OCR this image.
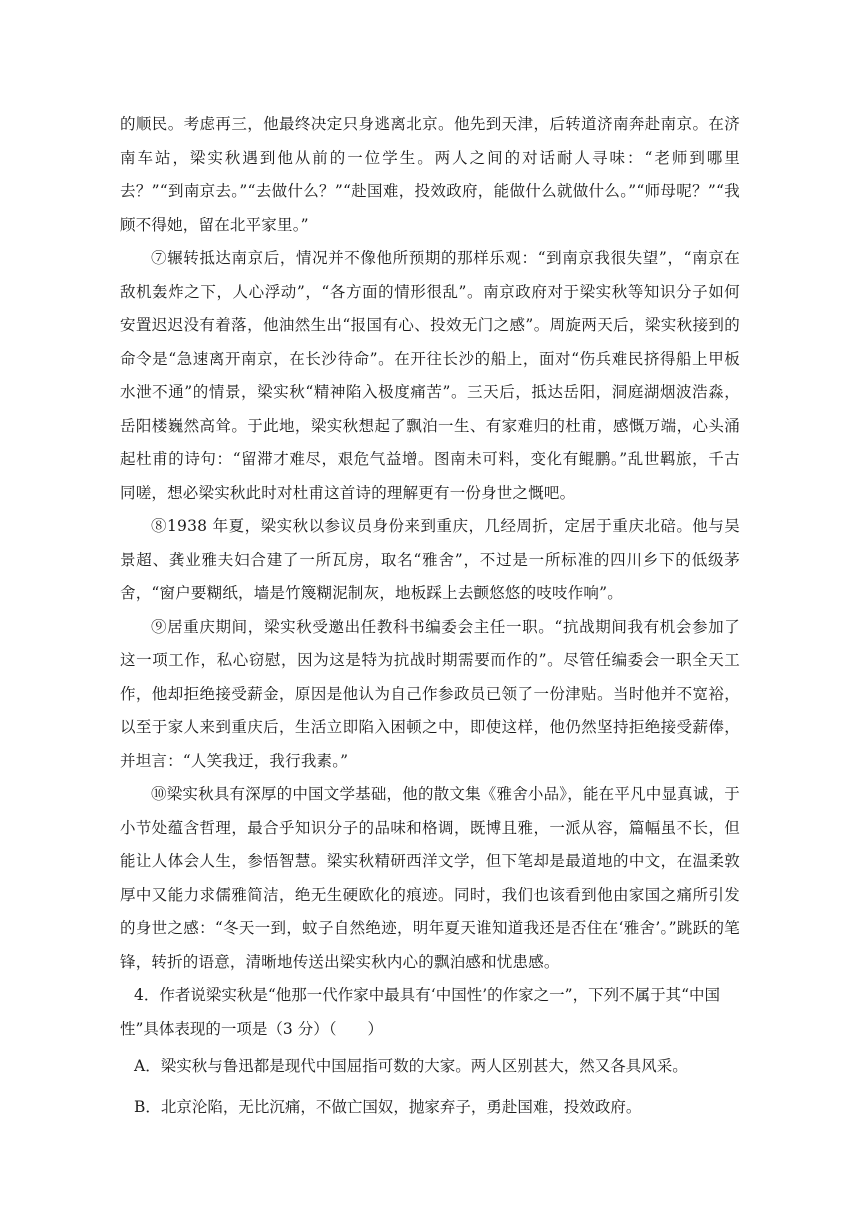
的顺民。考虑再三，他最终决定只身逃离北京。他先到天津，后转道济南奔赴南京。在济南车站，梁实秋遇到他从前的一位学生。两人之间的对话耐人寻味：“老师到哪里去？”“到南京去。”“去做什么？”“赴国难，投效政府，能做什么就做什么。”“师母呢？”“我顾不得她，留在北平家里。”

⑦辗转抵达南京后，情况并不像他所预期的那样乐观：“到南京我很失望”，“南京在敌机轰炸之下，人心浮动”，“各方面的情形很乱”。南京政府对于梁实秋等知识分子如何安置迟迟没有着落，他油然生出“报国有心、投效无门之感”。周旋两天后，梁实秋接到的命令是“急速离开南京，在长沙待命”。在开往长沙的船上，面对“伤兵难民挤得船上甲板水泄不通”的情景，梁实秋“精神陷入极度痛苦”。三天后，抵达岳阳，洞庭湖烟波浩淼，岳阳楼巍然高耸。于此地，梁实秋想起了飘泊一生、有家难归的杜甫，感慨万端，心头涌起杜甫的诗句：“留滞才难尽，艰危气益增。图南未可料，变化有鲲鹏。”乱世羁旅，千古同嗟，想必梁实秋此时对杜甫这首诗的理解更有一份身世之慨吧。

⑧1938 年夏，梁实秋以参议员身份来到重庆，几经周折，定居于重庆北碚。他与吴景超、龚业雅夫妇合建了一所瓦房，取名“雅舍”，不过是一所标准的四川乡下的低级茅舍，“窗户要糊纸，墙是竹篾糊泥制灰，地板踩上去颤悠悠的吱吱作响”。

⑨居重庆期间，梁实秋受邀出任教科书编委会主任一职。“抗战期间我有机会参加了这一项工作，私心窃慰，因为这是特为抗战时期需要而作的”。尽管任编委会一职全天工作，他却拒绝接受薪金，原因是他认为自己作参政员已领了一份津贴。当时他并不宽裕，以至于家人来到重庆后，生活立即陷入困顿之中，即使这样，他仍然坚持拒绝接受薪俸，并坦言：“人笑我迂，我行我素。”

⑩梁实秋具有深厚的中国文学基础，他的散文集《雅舍小品》，能在平凡中显真诚，于小节处蕴含哲理，最合乎知识分子的品味和格调，既博且雅，一派从容，篇幅虽不长，但能让人体会人生，参悟智慧。梁实秋精研西洋文学，但下笔却是最道地的中文，在温柔敦厚中又能力求儒雅简洁，绝无生硬欧化的痕迹。同时，我们也该看到他由家国之痛所引发的身世之感：“冬天一到，蚊子自然绝迹，明年夏天谁知道我还是否住在‘雅舍’。”跳跃的笔锋，转折的语意，清晰地传送出梁实秋内心的飘泊感和忧患感。

4．作者说梁实秋是“他那一代作家中最具有‘中国性’的作家之一”，下列不属于其“中国性”具体表现的一项是（3 分）（　　）

A．梁实秋与鲁迅都是现代中国屈指可数的大家。两人区别甚大，然又各具风采。

B．北京沦陷，无比沉痛，不做亡国奴，抛家弃子，勇赴国难，投效政府。
